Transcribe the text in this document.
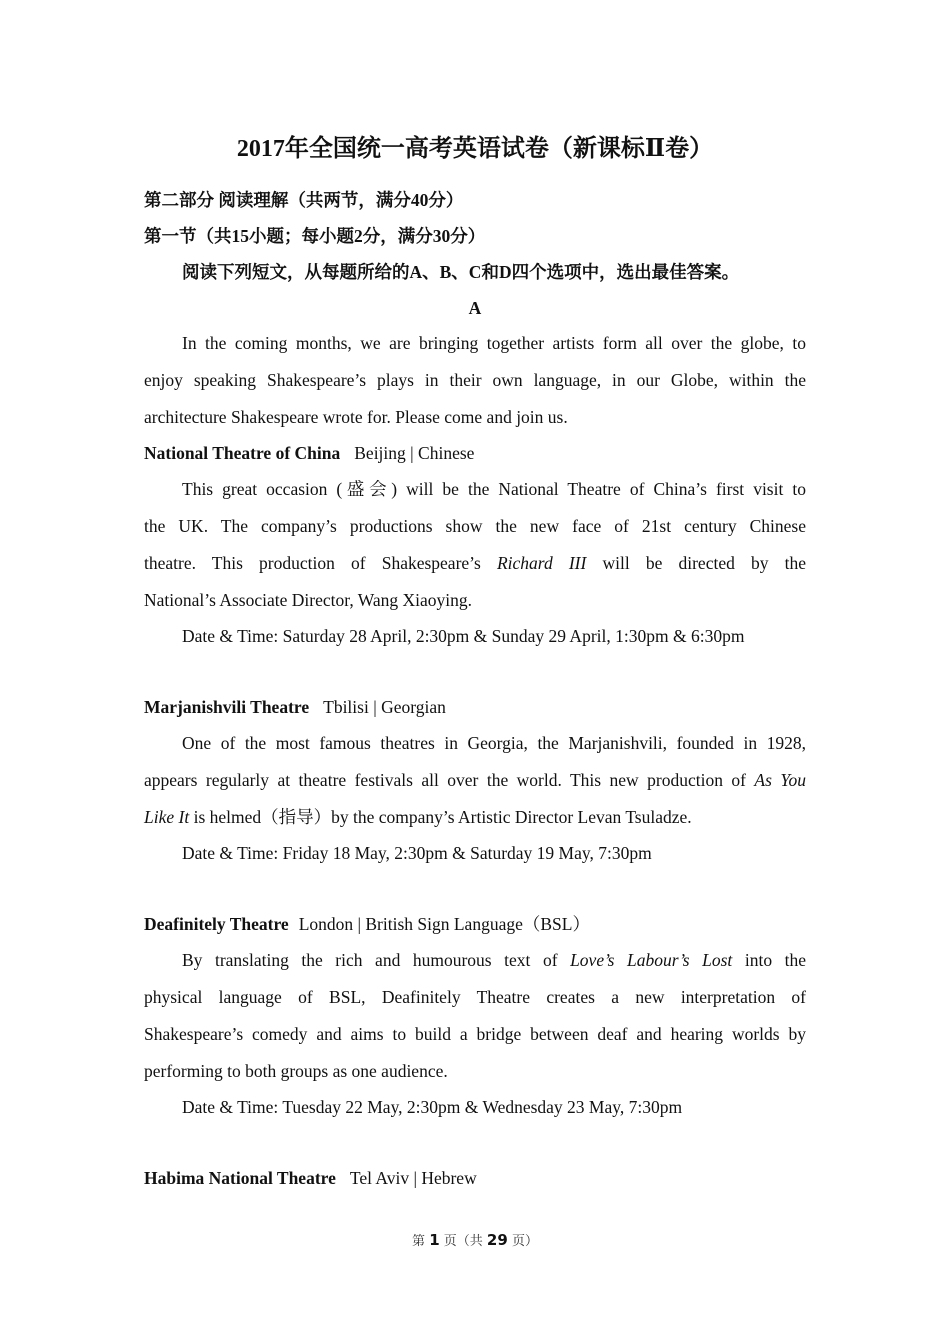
2017年全国统一高考英语试卷（新课标Ⅱ卷）
第二部分 阅读理解（共两节，满分40分）
第一节（共15小题；每小题2分，满分30分）
阅读下列短文，从每题所给的A、B、C和D四个选项中，选出最佳答案。
A
In the coming months, we are bringing together artists form all over the globe, to
enjoy speaking Shakespeare’s plays in their own language, in our Globe, within the
architecture Shakespeare wrote for. Please come and join us.
National Theatre of China Beijing | Chinese
This great occasion (盛会) will be the National Theatre of China’s first visit to
the UK. The company’s productions show the new face of 21st century Chinese
theatre. This production of Shakespeare’s Richard III will be directed by the
National’s Associate Director, Wang Xiaoying.
Date & Time: Saturday 28 April, 2:30pm & Sunday 29 April, 1:30pm & 6:30pm
Marjanishvili Theatre Tbilisi | Georgian
One of the most famous theatres in Georgia, the Marjanishvili, founded in 1928,
appears regularly at theatre festivals all over the world. This new production of As You
Like It is helmed（指导）by the company’s Artistic Director Levan Tsuladze.
Date & Time: Friday 18 May, 2:30pm & Saturday 19 May, 7:30pm
Deafinitely Theatre London | British Sign Language（BSL）
By translating the rich and humourous text of Love’s Labour’s Lost into the
physical language of BSL, Deafinitely Theatre creates a new interpretation of
Shakespeare’s comedy and aims to build a bridge between deaf and hearing worlds by
performing to both groups as one audience.
Date & Time: Tuesday 22 May, 2:30pm & Wednesday 23 May, 7:30pm
Habima National Theatre Tel Aviv | Hebrew
第 1 页（共 29 页）
